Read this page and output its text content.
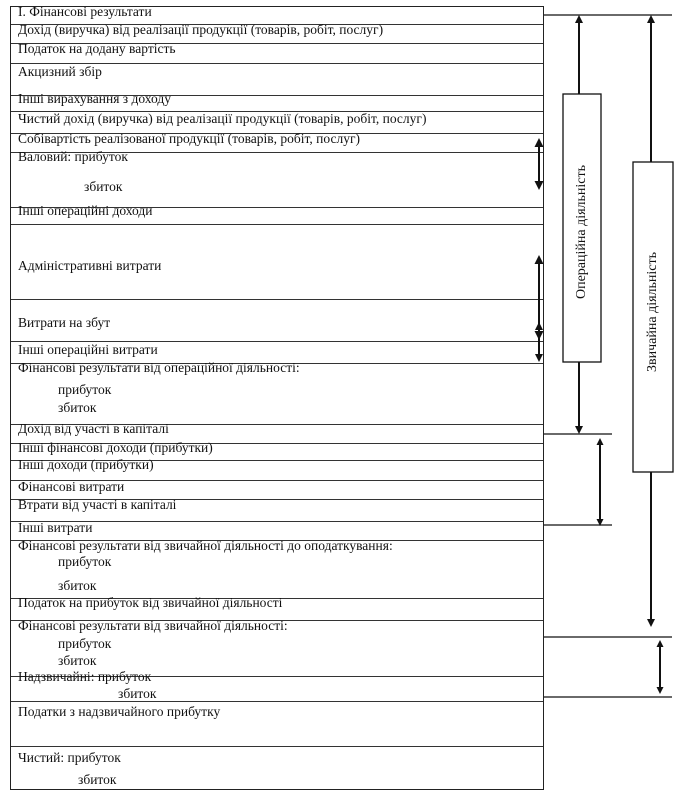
І. Фінансові результати
Дохід (виручка) від реалізації продукції (товарів, робіт, послуг)
Податок на додану вартість
Акцизний збір
Інші вирахування з доходу
Чистий дохід (виручка) від реалізації продукції (товарів, робіт, послуг)
Собівартість реалізованої продукції (товарів, робіт, послуг)
Валовий: прибуток
збиток
Інші операційні доходи
Адміністративні витрати
Витрати на збут
Інші операційні витрати
Фінансові результати від операційної діяльності:
прибуток
збиток
Дохід від участі в капіталі
Інші фінансові доходи (прибутки)
Інші доходи (прибутки)
Фінансові витрати
Втрати від участі в капіталі
Інші витрати
Фінансові результати від звичайної діяльності до оподаткування:
прибуток
збиток
Податок на прибуток від звичайної діяльності
Фінансові результати від звичайної діяльності:
прибуток
збиток
Надзвичайні: прибуток
збиток
Податки з надзвичайного прибутку
Чистий: прибуток
збиток
Операційна діяльність
Звичайна діяльність
